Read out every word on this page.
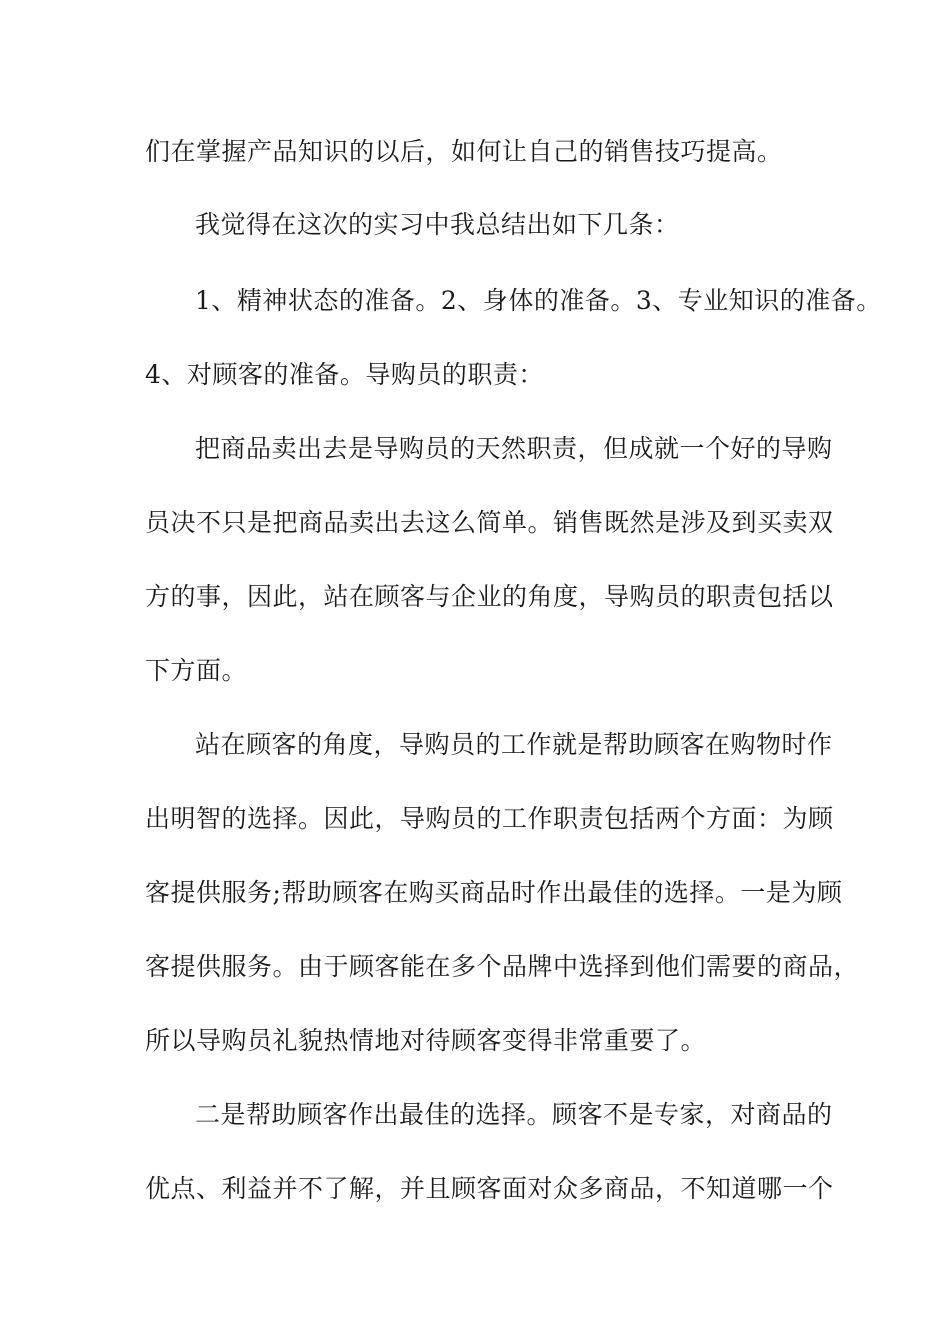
们在掌握产品知识的以后，如何让自己的销售技巧提高。

我觉得在这次的实习中我总结出如下几条：

1、精神状态的准备。2、身体的准备。3、专业知识的准备。

4、对顾客的准备。导购员的职责：

把商品卖出去是导购员的天然职责，但成就一个好的导购

员决不只是把商品卖出去这么简单。销售既然是涉及到买卖双

方的事，因此，站在顾客与企业的角度，导购员的职责包括以

下方面。

站在顾客的角度，导购员的工作就是帮助顾客在购物时作

出明智的选择。因此，导购员的工作职责包括两个方面：为顾

客提供服务;帮助顾客在购买商品时作出最佳的选择。一是为顾

客提供服务。由于顾客能在多个品牌中选择到他们需要的商品，

所以导购员礼貌热情地对待顾客变得非常重要了。

二是帮助顾客作出最佳的选择。顾客不是专家，对商品的

优点、利益并不了解，并且顾客面对众多商品，不知道哪一个
